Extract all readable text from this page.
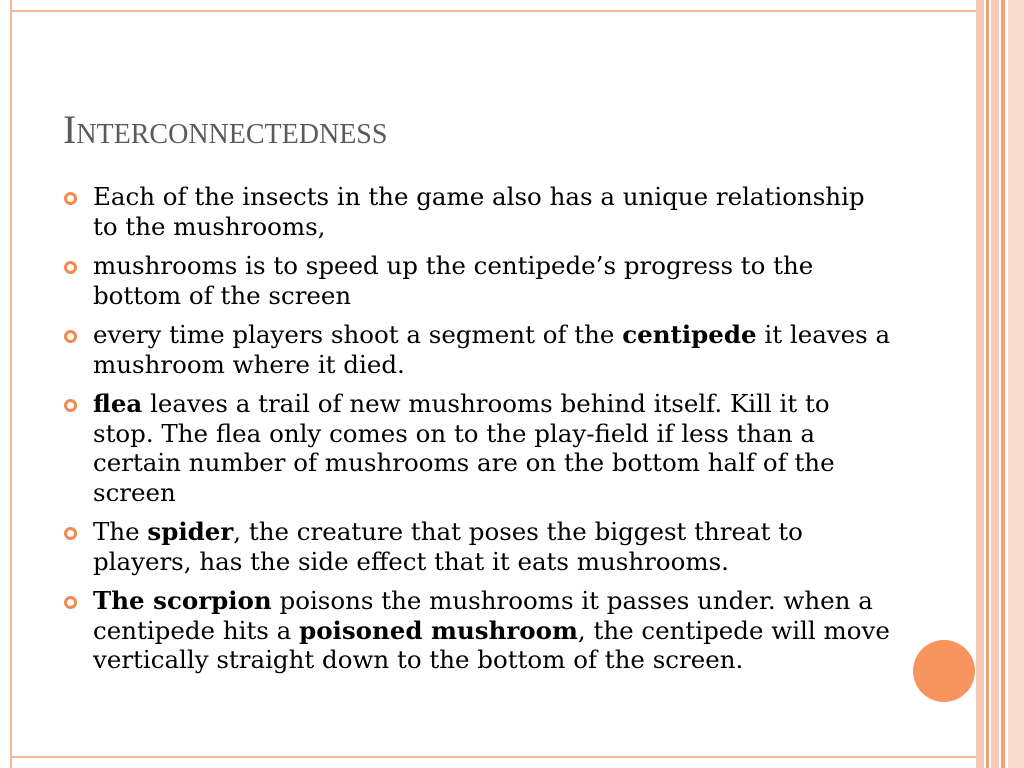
Interconnectedness
Each of the insects in the game also has a unique relationship to the mushrooms,
mushrooms is to speed up the centipede’s progress to the bottom of the screen
every time players shoot a segment of the centipede it leaves a mushroom where it died.
flea leaves a trail of new mushrooms behind itself. Kill it to stop. The flea only comes on to the play-field if less than a certain number of mushrooms are on the bottom half of the screen
The spider, the creature that poses the biggest threat to players, has the side effect that it eats mushrooms.
The scorpion poisons the mushrooms it passes under. when a centipede hits a poisoned mushroom, the centipede will move vertically straight down to the bottom of the screen.
